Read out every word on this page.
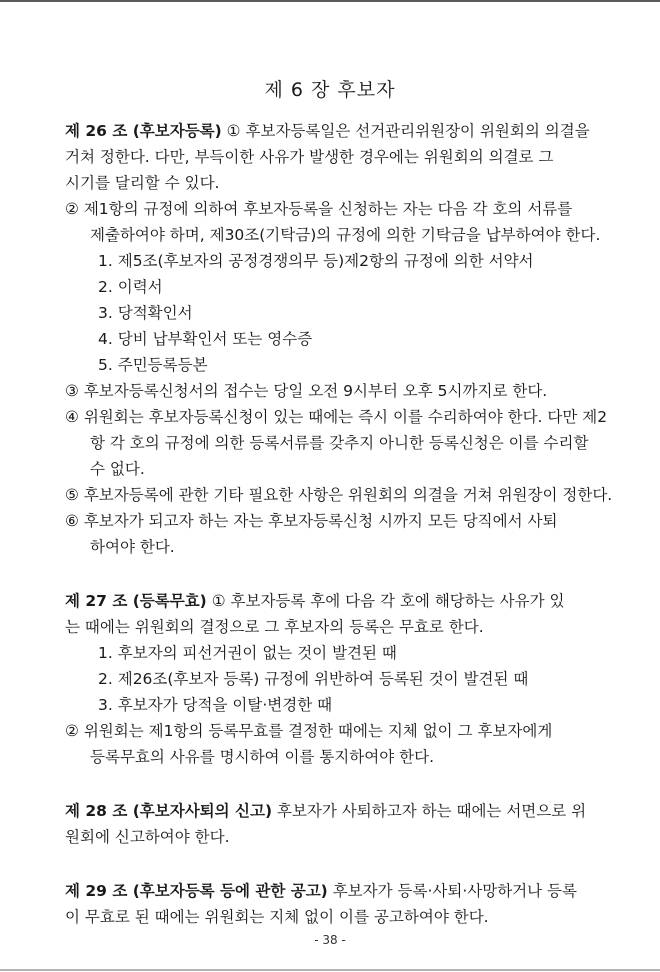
제 6 장 후보자
제 26 조 (후보자등록) ① 후보자등록일은 선거관리위원장이 위원회의 의결을
거쳐 정한다. 다만, 부득이한 사유가 발생한 경우에는 위원회의 의결로 그
시기를 달리할 수 있다.
② 제1항의 규정에 의하여 후보자등록을 신청하는 자는 다음 각 호의 서류를
제출하여야 하며, 제30조(기탁금)의 규정에 의한 기탁금을 납부하여야 한다.
1. 제5조(후보자의 공정경쟁의무 등)제2항의 규정에 의한 서약서
2. 이력서
3. 당적확인서
4. 당비 납부확인서 또는 영수증
5. 주민등록등본
③ 후보자등록신청서의 접수는 당일 오전 9시부터 오후 5시까지로 한다.
④ 위원회는 후보자등록신청이 있는 때에는 즉시 이를 수리하여야 한다. 다만 제2
항 각 호의 규정에 의한 등록서류를 갖추지 아니한 등록신청은 이를 수리할
수 없다.
⑤ 후보자등록에 관한 기타 필요한 사항은 위원회의 의결을 거쳐 위원장이 정한다.
⑥ 후보자가 되고자 하는 자는 후보자등록신청 시까지 모든 당직에서 사퇴
하여야 한다.
제 27 조 (등록무효) ① 후보자등록 후에 다음 각 호에 해당하는 사유가 있
는 때에는 위원회의 결정으로 그 후보자의 등록은 무효로 한다.
1. 후보자의 피선거권이 없는 것이 발견된 때
2. 제26조(후보자 등록) 규정에 위반하여 등록된 것이 발견된 때
3. 후보자가 당적을 이탈·변경한 때
② 위원회는 제1항의 등록무효를 결정한 때에는 지체 없이 그 후보자에게
등록무효의 사유를 명시하여 이를 통지하여야 한다.
제 28 조 (후보자사퇴의 신고) 후보자가 사퇴하고자 하는 때에는 서면으로 위
원회에 신고하여야 한다.
제 29 조 (후보자등록 등에 관한 공고) 후보자가 등록·사퇴·사망하거나 등록
이 무효로 된 때에는 위원회는 지체 없이 이를 공고하여야 한다.
- 38 -
